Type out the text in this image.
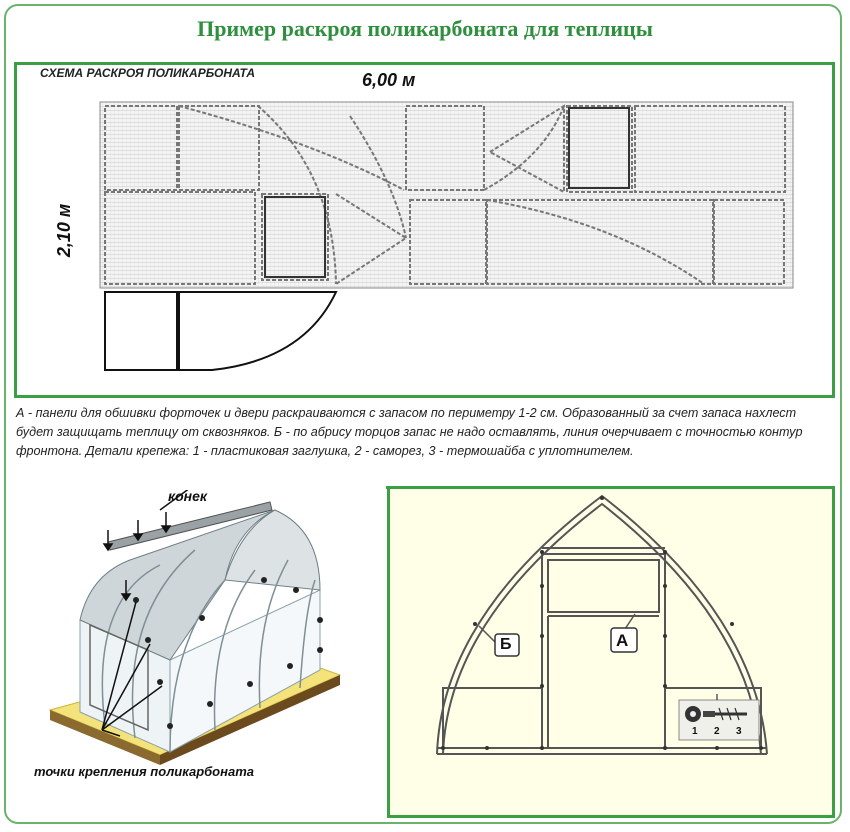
Пример раскроя поликарбоната для теплицы
СХЕМА РАСКРОЯ ПОЛИКАРБОНАТА	6,00 м
2,10 м
А - панели для обшивки форточек и двери раскраиваются с запасом по периметру 1-2 см. Образованный за счет запаса нахлест будет защищать теплицу от сквозняков. Б - по абрису торцов запас не надо оставлять, линия очерчивает с точностью контур фронтона. Детали крепежа: 1 - пластиковая заглушка, 2 - саморез, 3 - термошайба с уплотнителем.
конек
точки крепления поликарбоната
Б	А
1 2 3
